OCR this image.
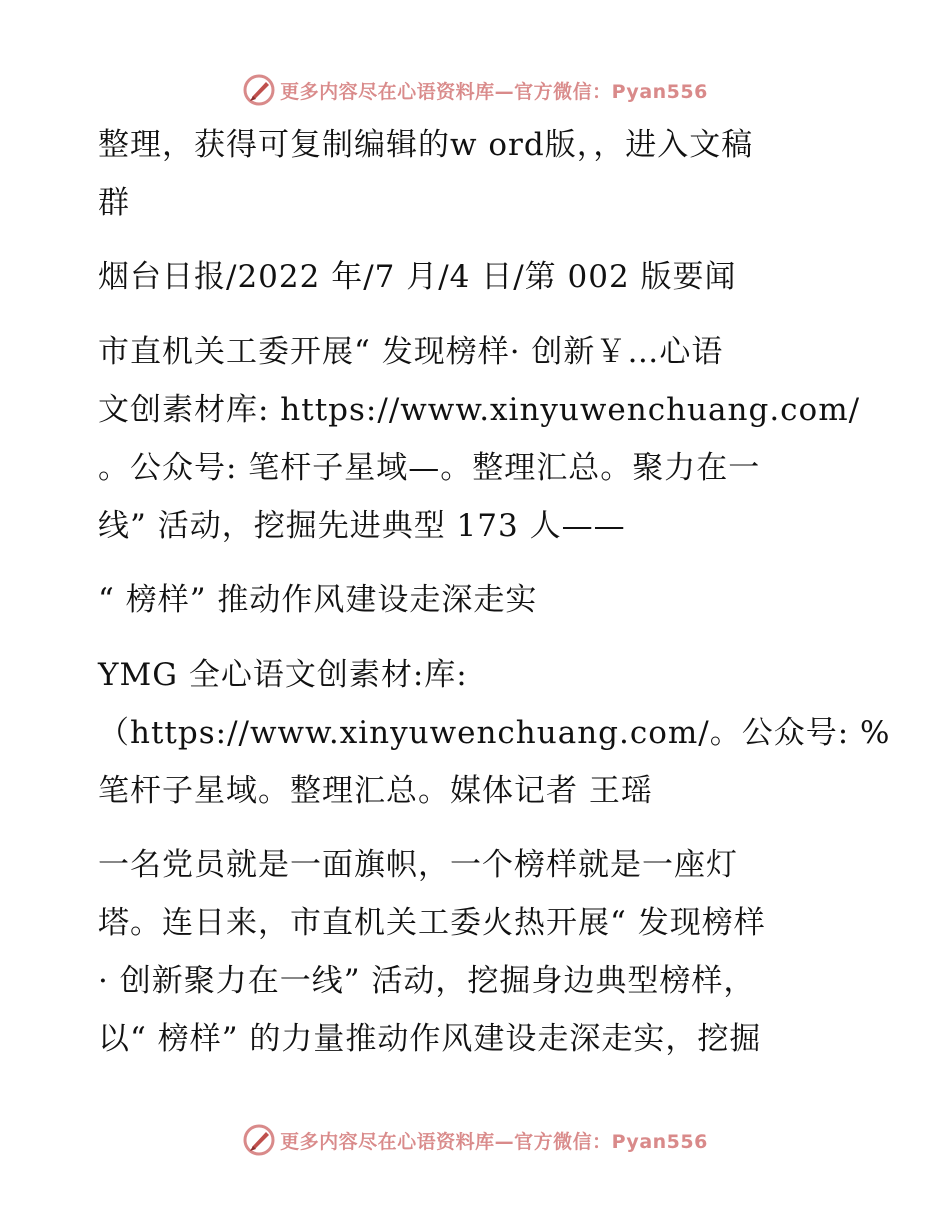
更多内容尽在心语资料库—官方微信：Pyan556
整理，获得可复制编辑的w ord版，，进入文稿
群
烟台日报/2022 年/7 月/4 日/第 002 版要闻
市直机关工委开展“ 发现榜样· 创新￥…心语
文创素材库: https://www.xinyuwenchuang.com/
。公众号: 笔杆子星域—。整理汇总。聚力在一
线” 活动，挖掘先进典型 173 人——
“ 榜样” 推动作风建设走深走实
YMG 全心语文创素材:库:
（https://www.xinyuwenchuang.com/。公众号: %
笔杆子星域。整理汇总。媒体记者 王瑶
一名党员就是一面旗帜，一个榜样就是一座灯
塔。连日来，市直机关工委火热开展“ 发现榜样
· 创新聚力在一线” 活动，挖掘身边典型榜样，
以“ 榜样” 的力量推动作风建设走深走实，挖掘
更多内容尽在心语资料库—官方微信：Pyan556
